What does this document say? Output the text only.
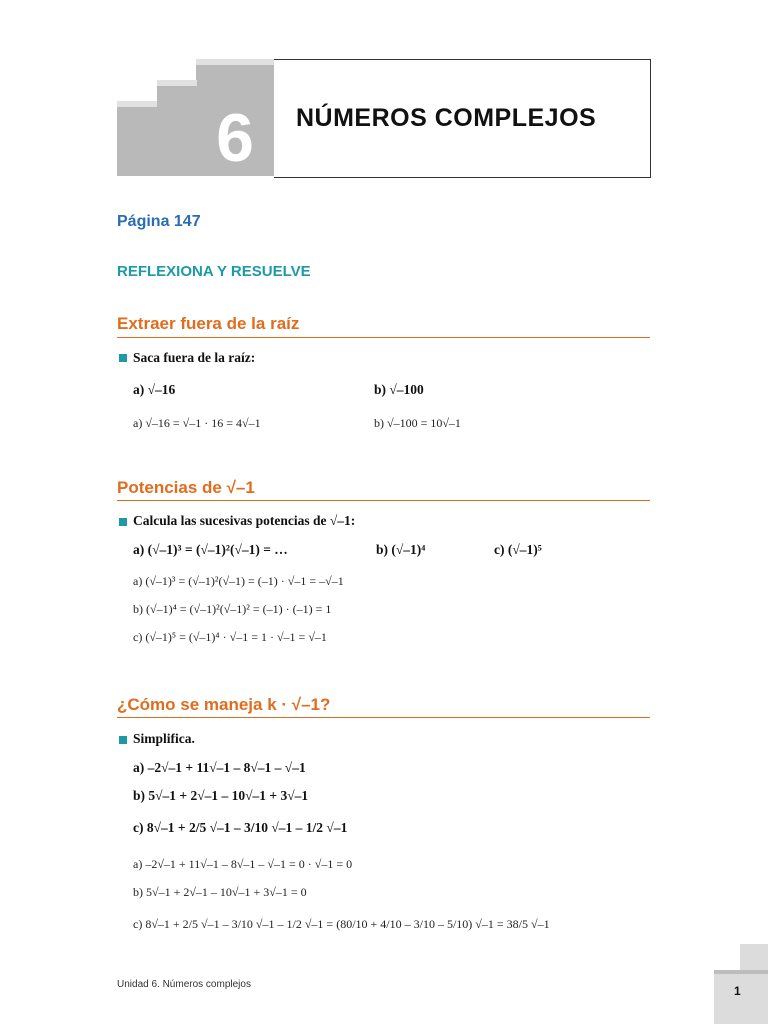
6	NÚMEROS COMPLEJOS
Página 147
REFLEXIONA Y RESUELVE
Extraer fuera de la raíz
Saca fuera de la raíz:
a) √–16	b) √–100
a) √–16 = √–1 · 16 = 4√–1	b) √–100 = 10√–1
Potencias de √–1
Calcula las sucesivas potencias de √–1:
a) (√–1)³ = (√–1)²(√–1) = …	b) (√–1)⁴	c) (√–1)⁵
a) (√–1)³ = (√–1)²(√–1) = (–1) · √–1 = –√–1
b) (√–1)⁴ = (√–1)²(√–1)² = (–1) · (–1) = 1
c) (√–1)⁵ = (√–1)⁴ · √–1 = 1 · √–1 = √–1
¿Cómo se maneja k · √–1?
Simplifica.
a) –2√–1 + 11√–1 – 8√–1 – √–1
b) 5√–1 + 2√–1 – 10√–1 + 3√–1
c) 8√–1 + 2/5 √–1 – 3/10 √–1 – 1/2 √–1
a) –2√–1 + 11√–1 – 8√–1 – √–1 = 0 · √–1 = 0
b) 5√–1 + 2√–1 – 10√–1 + 3√–1 = 0
c) 8√–1 + 2/5 √–1 – 3/10 √–1 – 1/2 √–1 = (80/10 + 4/10 – 3/10 – 5/10) √–1 = 38/5 √–1
Unidad 6. Números complejos	1
